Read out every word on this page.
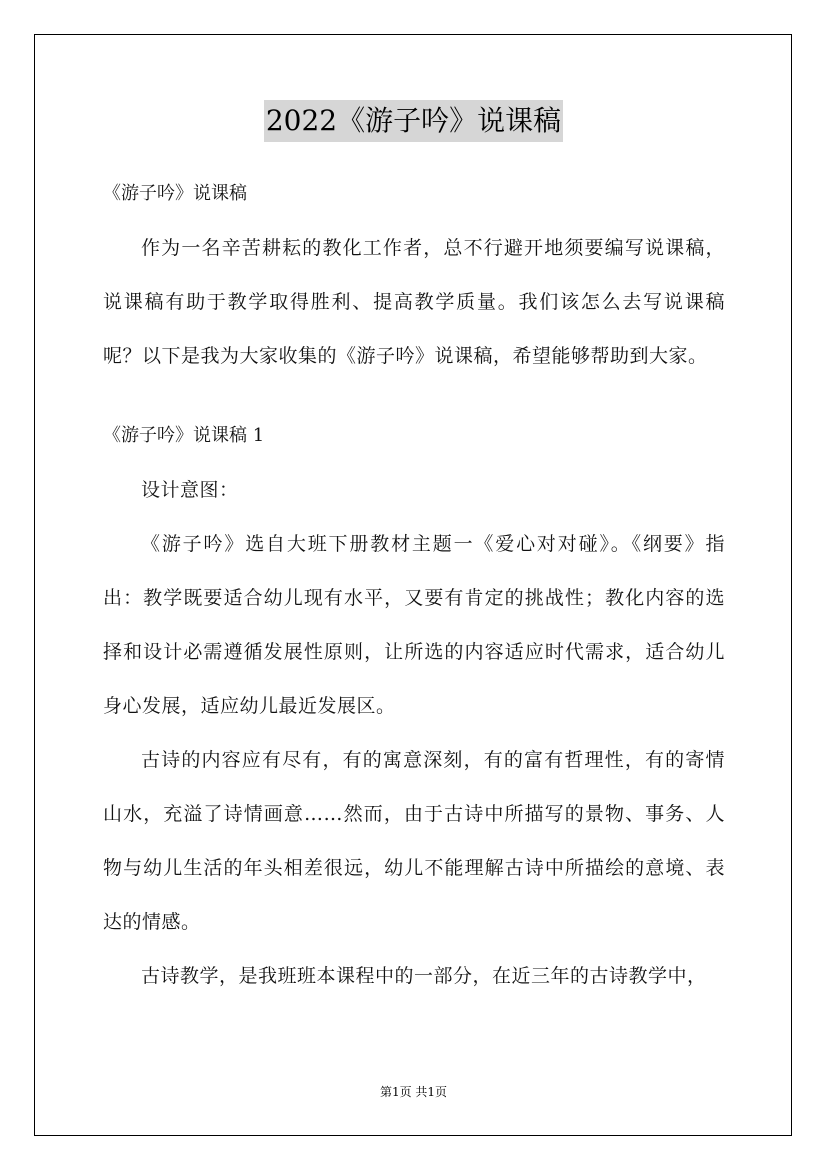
2022《游子吟》说课稿

《游子吟》说课稿

作为一名辛苦耕耘的教化工作者，总不行避开地须要编写说课稿，说课稿有助于教学取得胜利、提高教学质量。我们该怎么去写说课稿呢？以下是我为大家收集的《游子吟》说课稿，希望能够帮助到大家。

《游子吟》说课稿 1

设计意图：

《游子吟》选自大班下册教材主题一《爱心对对碰》。《纲要》指出：教学既要适合幼儿现有水平，又要有肯定的挑战性；教化内容的选择和设计必需遵循发展性原则，让所选的内容适应时代需求，适合幼儿身心发展，适应幼儿最近发展区。

古诗的内容应有尽有，有的寓意深刻，有的富有哲理性，有的寄情山水，充溢了诗情画意……然而，由于古诗中所描写的景物、事务、人物与幼儿生活的年头相差很远，幼儿不能理解古诗中所描绘的意境、表达的情感。

古诗教学，是我班班本课程中的一部分，在近三年的古诗教学中，

第1页 共1页
